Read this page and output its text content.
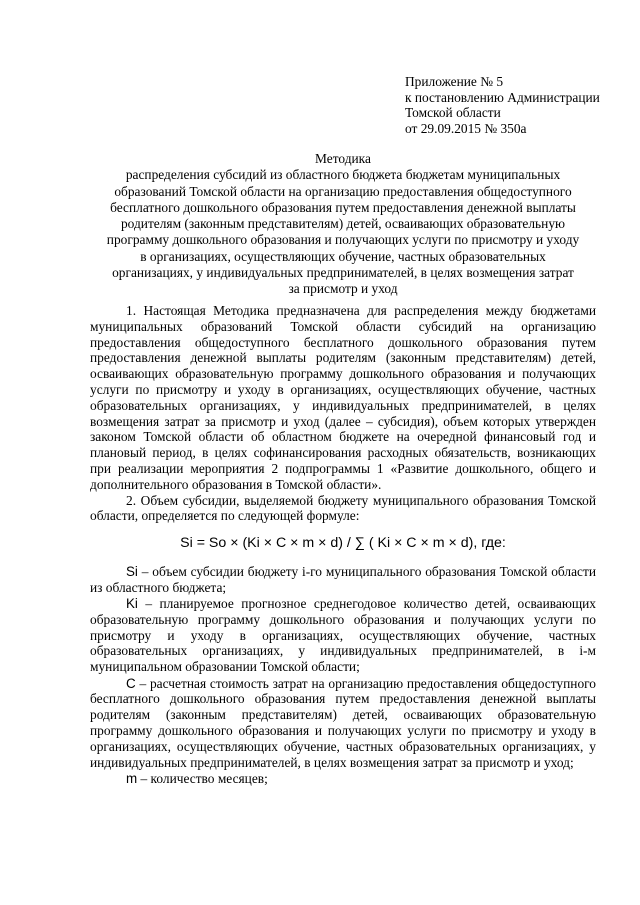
Приложение № 5
к постановлению Администрации
Томской области
от 29.09.2015 № 350а
Методика
распределения субсидий из областного бюджета бюджетам муниципальных
образований Томской области на организацию предоставления общедоступного
бесплатного дошкольного образования путем предоставления денежной выплаты
родителям (законным представителям) детей, осваивающих образовательную
программу дошкольного образования и получающих услуги по присмотру и уходу
в организациях, осуществляющих обучение, частных образовательных
организациях, у индивидуальных предпринимателей, в целях возмещения затрат
за присмотр и уход

1. Настоящая Методика предназначена для распределения между бюджетами муниципальных образований Томской области субсидий на организацию предоставления общедоступного бесплатного дошкольного образования путем предоставления денежной выплаты родителям (законным представителям) детей, осваивающих образовательную программу дошкольного образования и получающих услуги по присмотру и уходу в организациях, осуществляющих обучение, частных образовательных организациях, у индивидуальных предпринимателей, в целях возмещения затрат за присмотр и уход (далее – субсидия), объем которых утвержден законом Томской области об областном бюджете на очередной финансовый год и плановый период, в целях софинансирования расходных обязательств, возникающих при реализации мероприятия 2 подпрограммы 1 «Развитие дошкольного, общего и дополнительного образования в Томской области».

2. Объем субсидии, выделяемой бюджету муниципального образования Томской области, определяется по следующей формуле:

Si = So × (Ki × C × m × d) / ∑ ( Ki × C × m × d), где:

Si – объем субсидии бюджету i-го муниципального образования Томской области из областного бюджета;

Ki – планируемое прогнозное среднегодовое количество детей, осваивающих образовательную программу дошкольного образования и получающих услуги по присмотру и уходу в организациях, осуществляющих обучение, частных образовательных организациях, у индивидуальных предпринимателей, в i-м муниципальном образовании Томской области;

C – расчетная стоимость затрат на организацию предоставления общедоступного бесплатного дошкольного образования путем предоставления денежной выплаты родителям (законным представителям) детей, осваивающих образовательную программу дошкольного образования и получающих услуги по присмотру и уходу в организациях, осуществляющих обучение, частных образовательных организациях, у индивидуальных предпринимателей, в целях возмещения затрат за присмотр и уход;

m – количество месяцев;
